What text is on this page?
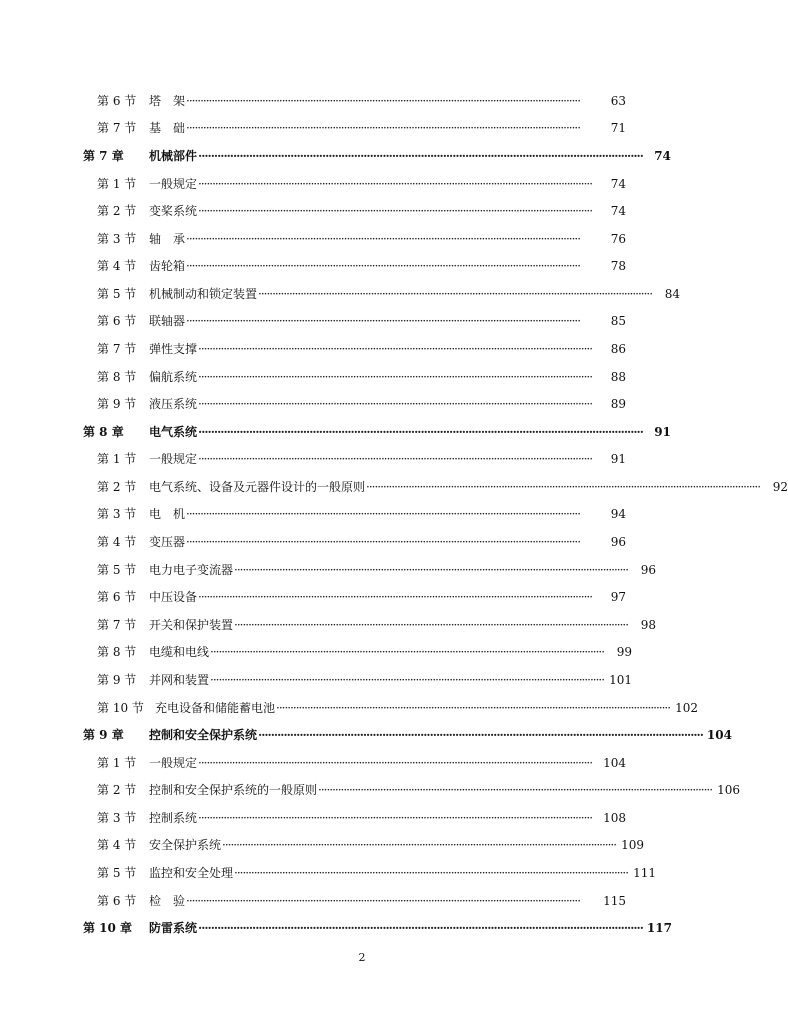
第 6 节	塔　架 ············································································································································	63
第 7 节	基　础 ············································································································································	71
第 7 章	机械部件 ············································································································································ 74
第 1 节	一般规定 ············································································································································	74
第 2 节	变桨系统 ············································································································································	74
第 3 节	轴　承 ············································································································································	76
第 4 节	齿轮箱 ············································································································································	78
第 5 节	机械制动和锁定装置 ············································································································································	84
第 6 节	联轴器 ············································································································································	85
第 7 节	弹性支撑 ············································································································································	86
第 8 节	偏航系统 ············································································································································	88
第 9 节	液压系统 ············································································································································	89
第 8 章	电气系统 ············································································································································ 91
第 1 节	一般规定 ············································································································································	91
第 2 节	电气系统、设备及元器件设计的一般原则 ············································································································································	92
第 3 节	电　机 ············································································································································	94
第 4 节	变压器 ············································································································································	96
第 5 节	电力电子变流器 ············································································································································	96
第 6 节	中压设备 ············································································································································	97
第 7 节	开关和保护装置 ············································································································································	98
第 8 节	电缆和电线 ············································································································································	99
第 9 节	并网和装置 ············································································································································ 101
第 10 节 充电设备和储能蓄电池 ············································································································································ 102
第 9 章	控制和安全保护系统 ············································································································································ 104
第 1 节	一般规定 ············································································································································ 104
第 2 节	控制和安全保护系统的一般原则 ············································································································································ 106
第 3 节	控制系统 ············································································································································ 108
第 4 节	安全保护系统 ············································································································································ 109
第 5 节	监控和安全处理 ············································································································································ 111
第 6 节	检　验 ············································································································································	115
第 10 章	防雷系统 ············································································································································ 117
2
